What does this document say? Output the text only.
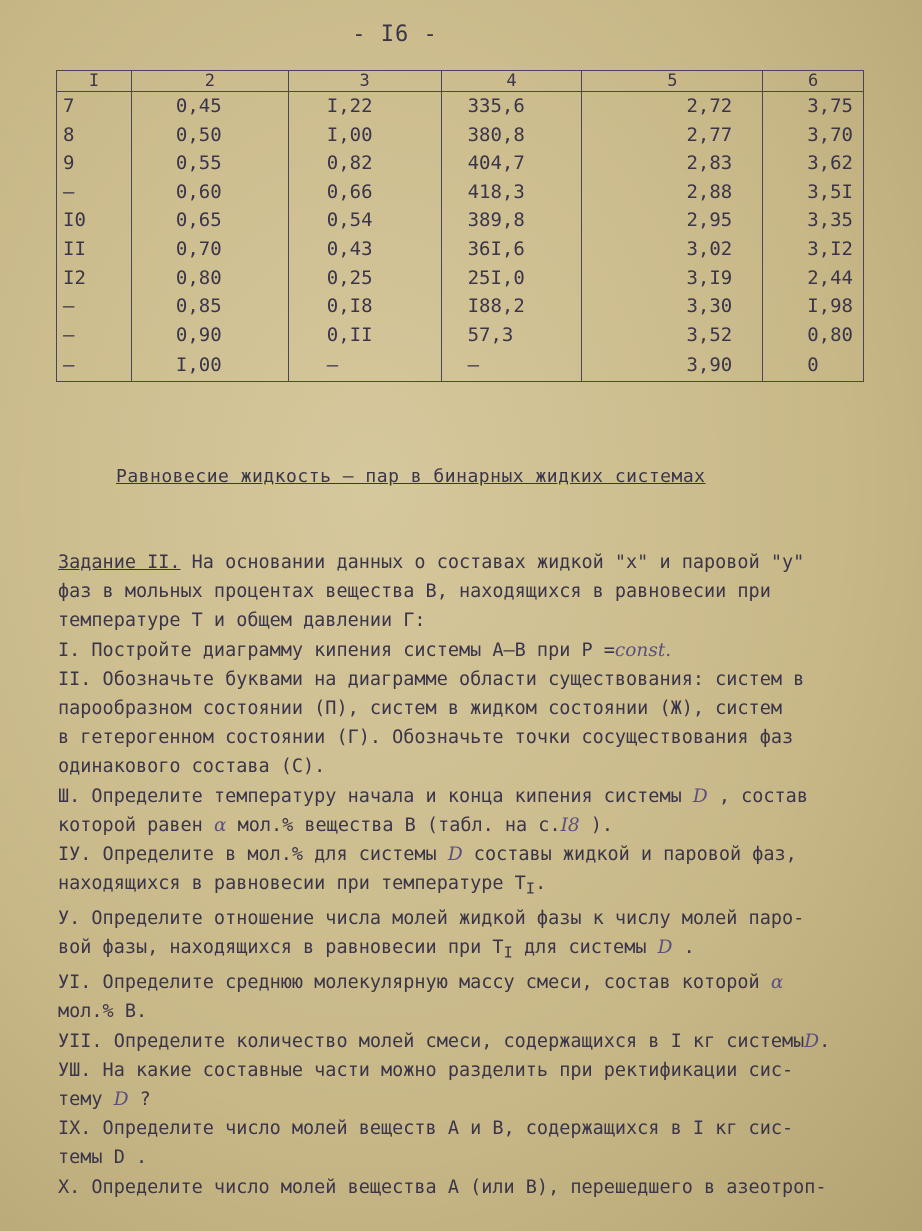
- I6 -
I	2	3	4	5	6
7	0,45	I,22	335,6	2,72	3,75
8	0,50	I,00	380,8	2,77	3,70
9	0,55	0,82	404,7	2,83	3,62
–	0,60	0,66	418,3	2,88	3,5I
I0	0,65	0,54	389,8	2,95	3,35
II	0,70	0,43	36I,6	3,02	3,I2
I2	0,80	0,25	25I,0	3,I9	2,44
–	0,85	0,I8	I88,2	3,30	I,98
–	0,90	0,II	57,3	3,52	0,80
–	I,00	–	–	3,90	0
Равновесие жидкость – пар в бинарных жидких системах

Задание II. На основании данных о составах жидкой "x" и паровой "y"

фаз в мольных процентах вещества В, находящихся в равновесии при

температуре Т и общем давлении Г:

I. Постройте диаграмму кипения системы А–В при Р =const.

II. Обозначьте буквами на диаграмме области существования: систем в

парообразном состоянии (П), систем в жидком состоянии (Ж), систем

в гетерогенном состоянии (Г). Обозначьте точки сосуществования фаз

одинакового состава (С).

Ш. Определите температуру начала и конца кипения системы D , состав

которой равен α мол.% вещества В (табл. на с.I8 ).

IУ. Определите в мол.% для системы D составы жидкой и паровой фаз,

находящихся в равновесии при температуре $Т_I$.

У. Определите отношение числа молей жидкой фазы к числу молей паро-

вой фазы, находящихся в равновесии при $Т_I$ для системы D .

УI. Определите среднюю молекулярную массу смеси, состав которой α

мол.% В.

УII. Определите количество молей смеси, содержащихся в I кг системыD.

УШ. На какие составные части можно разделить при ректификации сис-

тему D ?

IX. Определите число молей веществ А и В, содержащихся в I кг сис-

темы D .

X. Определите число молей вещества А (или В), перешедшего в азеотроп-
